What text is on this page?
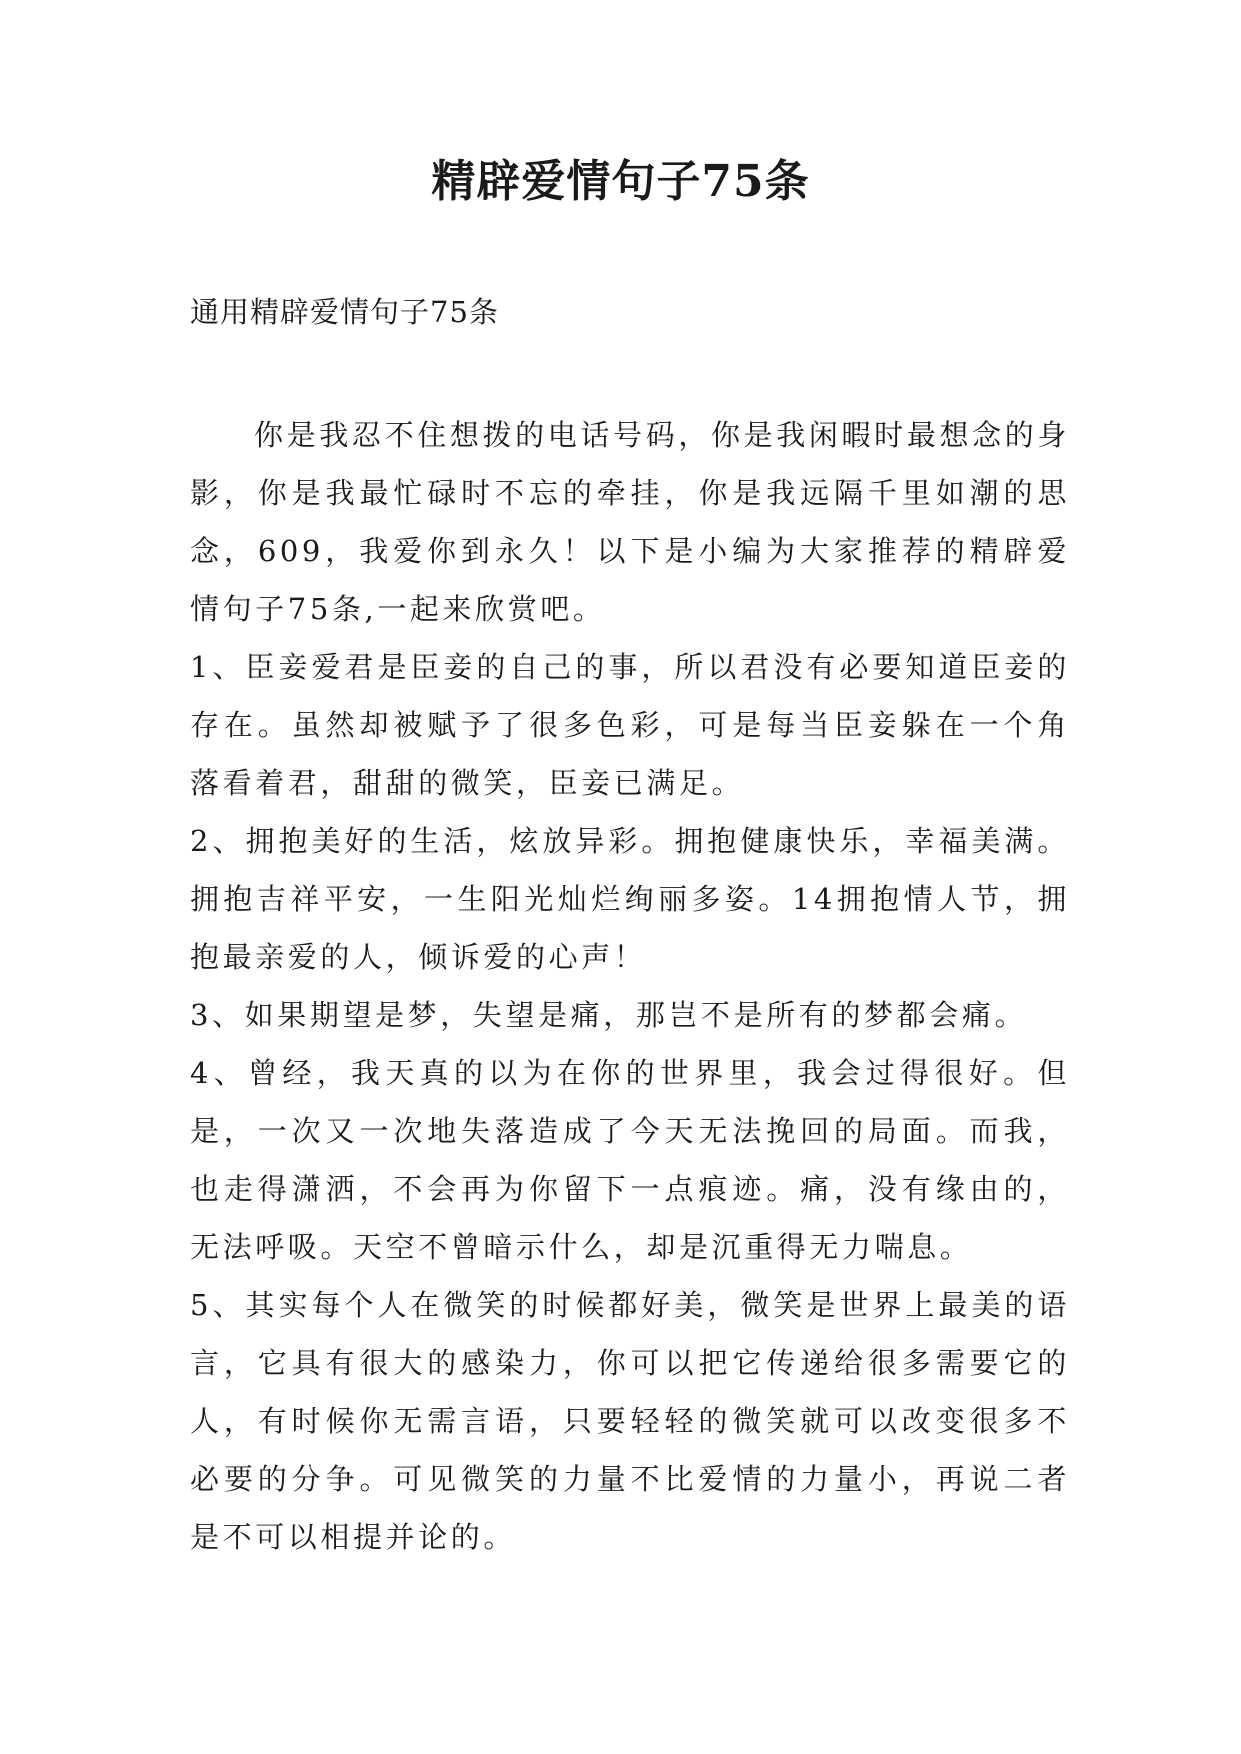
精辟爱情句子75条

通用精辟爱情句子75条

你是我忍不住想拨的电话号码，你是我闲暇时最想念的身影，你是我最忙碌时不忘的牵挂，你是我远隔千里如潮的思念，609，我爱你到永久！以下是小编为大家推荐的精辟爱情句子75条,一起来欣赏吧。

1、臣妾爱君是臣妾的自己的事，所以君没有必要知道臣妾的存在。虽然却被赋予了很多色彩，可是每当臣妾躲在一个角落看着君，甜甜的微笑，臣妾已满足。

2、拥抱美好的生活，炫放异彩。拥抱健康快乐，幸福美满。拥抱吉祥平安，一生阳光灿烂绚丽多姿。14拥抱情人节，拥抱最亲爱的人，倾诉爱的心声！

3、如果期望是梦，失望是痛，那岂不是所有的梦都会痛。

4、曾经，我天真的以为在你的世界里，我会过得很好。但是，一次又一次地失落造成了今天无法挽回的局面。而我，也走得潇洒，不会再为你留下一点痕迹。痛，没有缘由的，无法呼吸。天空不曾暗示什么，却是沉重得无力喘息。

5、其实每个人在微笑的时候都好美，微笑是世界上最美的语言，它具有很大的感染力，你可以把它传递给很多需要它的人，有时候你无需言语，只要轻轻的微笑就可以改变很多不必要的分争。可见微笑的力量不比爱情的力量小，再说二者是不可以相提并论的。
